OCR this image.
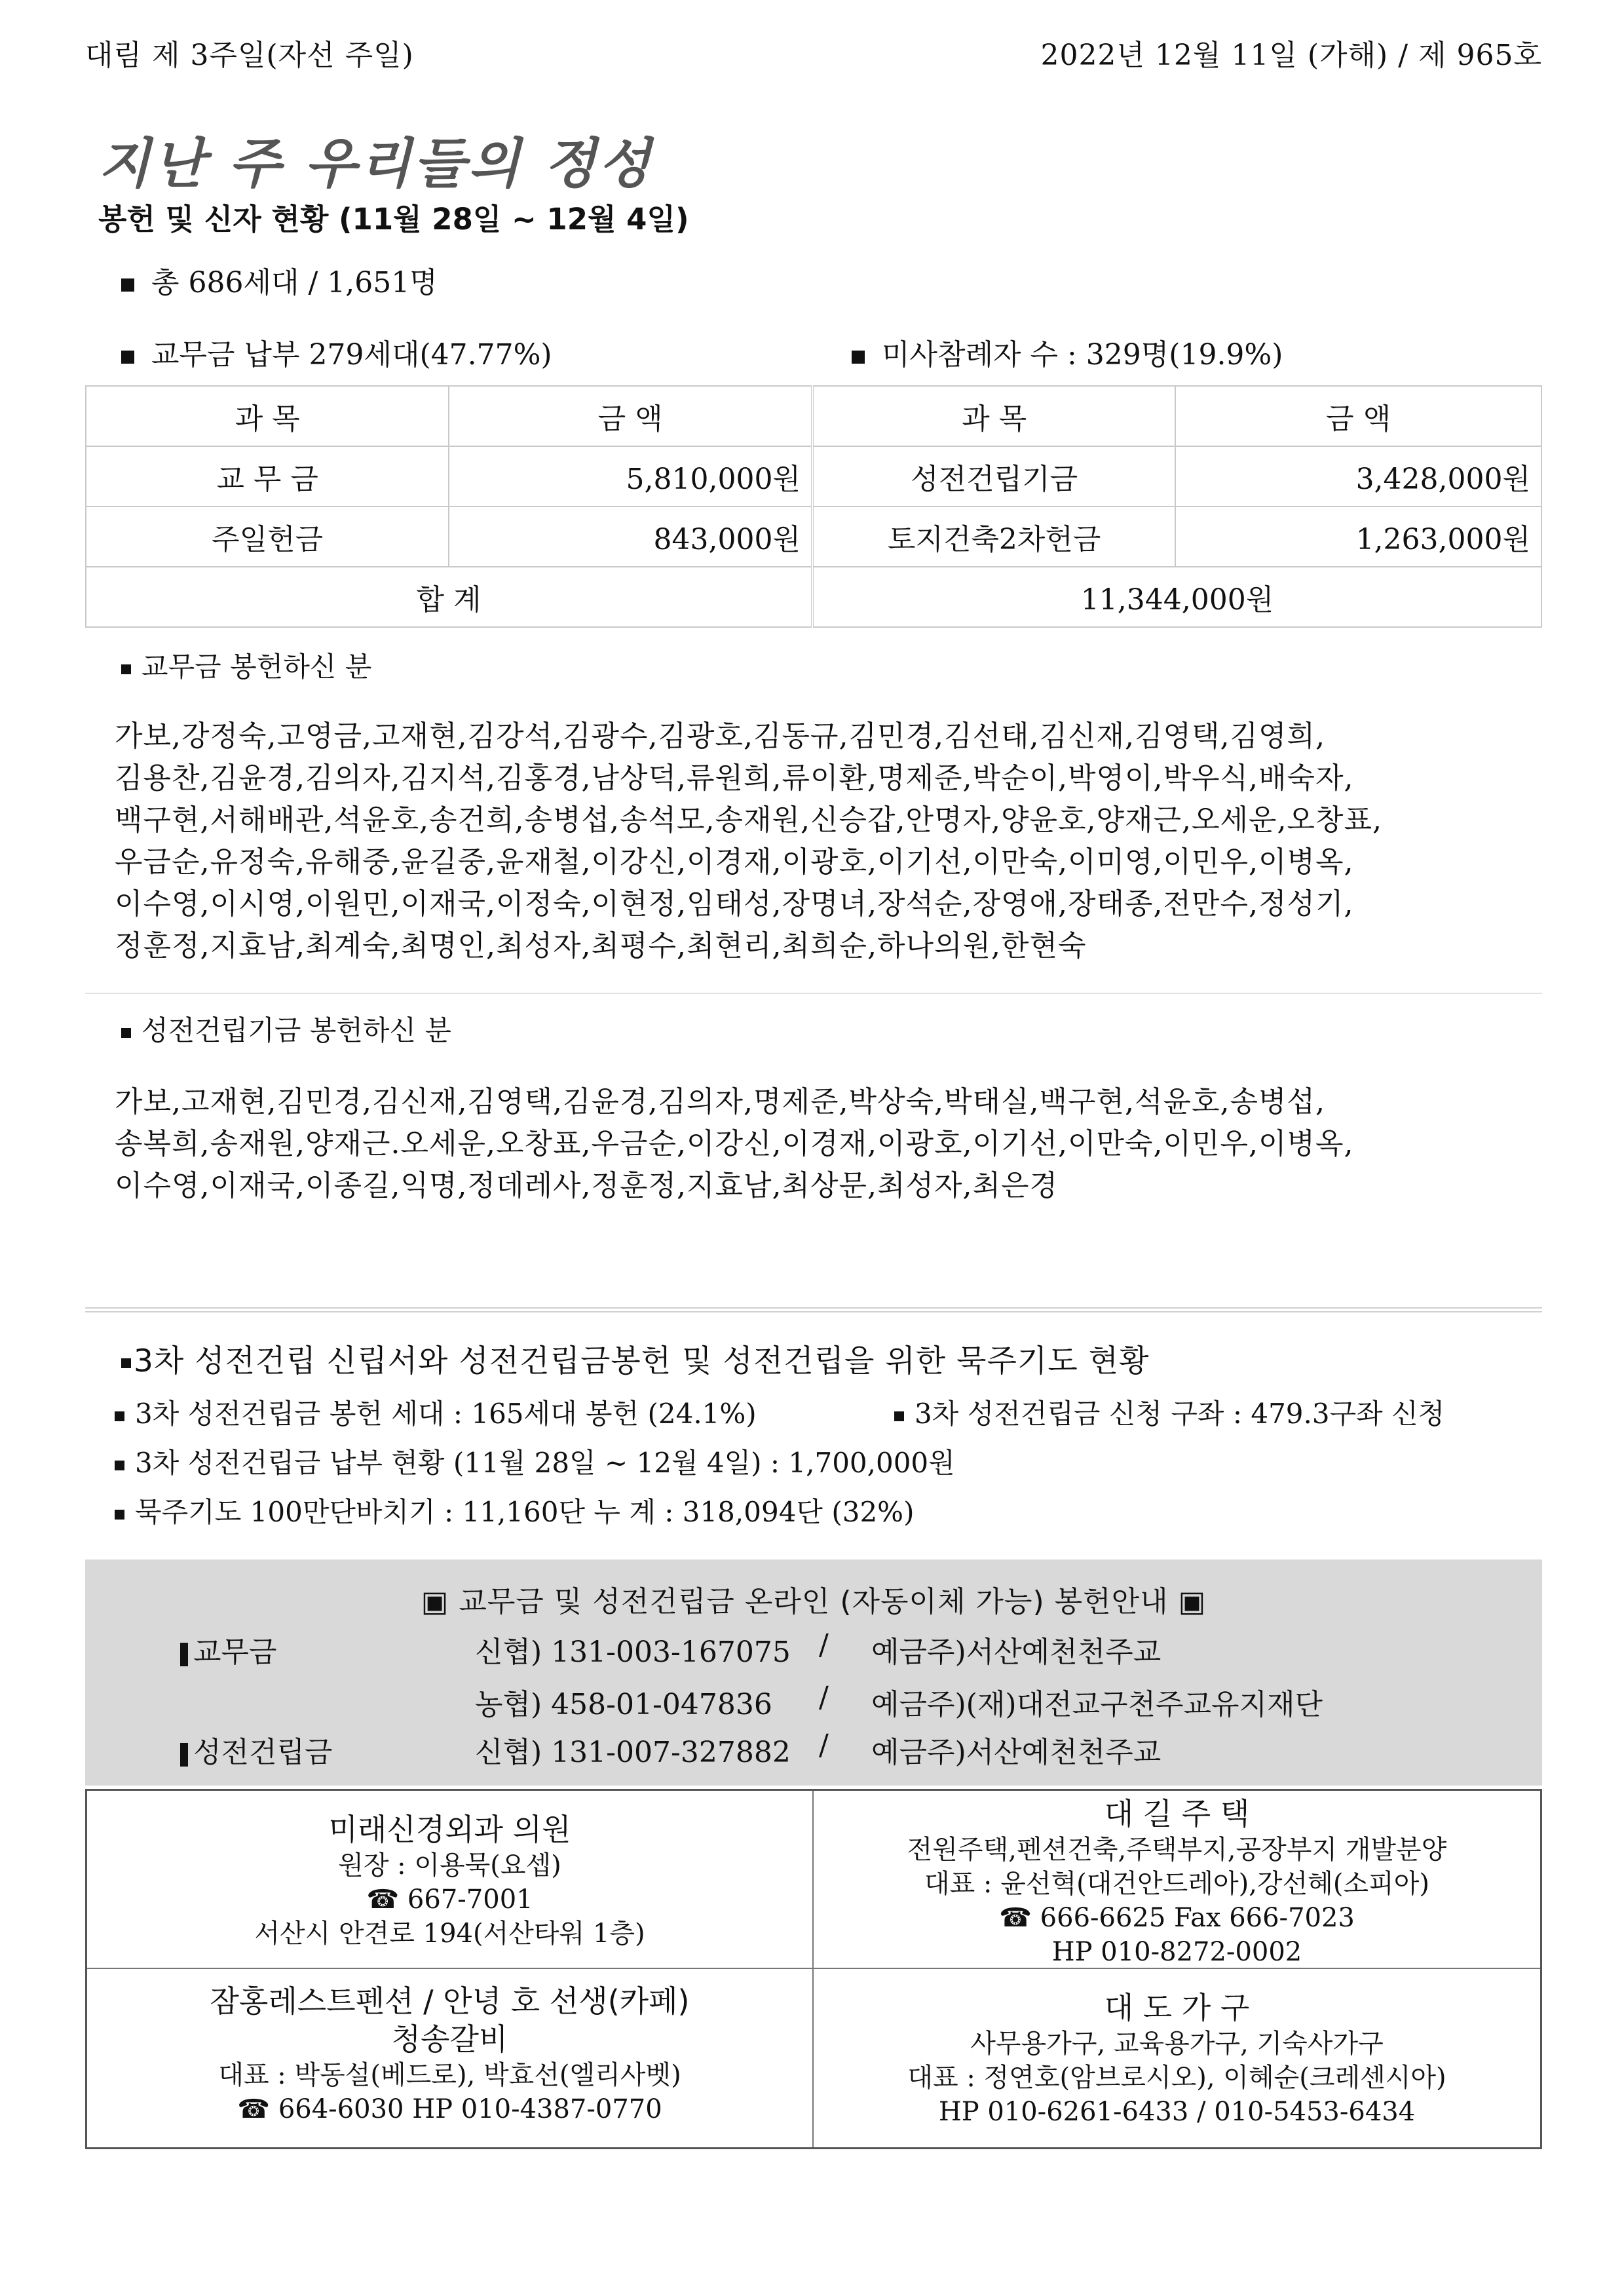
대림 제 3주일(자선 주일)	2022년 12월 11일 (가해) / 제 965호
지난 주 우리들의 정성
봉헌 및 신자 현황 (11월 28일 ~ 12월 4일)
총 686세대 / 1,651명
교무금 납부 279세대(47.77%)	미사참례자 수 : 329명(19.9%)
과 목	금 액	과 목	금 액
교 무 금	5,810,000원	성전건립기금	3,428,000원
주일헌금	843,000원	토지건축2차헌금	1,263,000원
합 계		11,344,000원	
교무금 봉헌하신 분
가보,강정숙,고영금,고재현,김강석,김광수,김광호,김동규,김민경,김선태,김신재,김영택,김영희,
김용찬,김윤경,김의자,김지석,김홍경,남상덕,류원희,류이환,명제준,박순이,박영이,박우식,배숙자,
백구현,서해배관,석윤호,송건희,송병섭,송석모,송재원,신승갑,안명자,양윤호,양재근,오세운,오창표,
우금순,유정숙,유해중,윤길중,윤재철,이강신,이경재,이광호,이기선,이만숙,이미영,이민우,이병옥,
이수영,이시영,이원민,이재국,이정숙,이현정,임태성,장명녀,장석순,장영애,장태종,전만수,정성기,
정훈정,지효남,최계숙,최명인,최성자,최평수,최현리,최희순,하나의원,한현숙
성전건립기금 봉헌하신 분
가보,고재현,김민경,김신재,김영택,김윤경,김의자,명제준,박상숙,박태실,백구현,석윤호,송병섭,
송복희,송재원,양재근.오세운,오창표,우금순,이강신,이경재,이광호,이기선,이만숙,이민우,이병옥,
이수영,이재국,이종길,익명,정데레사,정훈정,지효남,최상문,최성자,최은경
3차 성전건립 신립서와 성전건립금봉헌 및 성전건립을 위한 묵주기도 현황
3차 성전건립금 봉헌 세대 : 165세대 봉헌 (24.1%)	3차 성전건립금 신청 구좌 : 479.3구좌 신청
3차 성전건립금 납부 현황 (11월 28일 ~ 12월 4일) : 1,700,000원
묵주기도 100만단바치기 : 11,160단 누 계 : 318,094단 (32%)
▣ 교무금 및 성전건립금 온라인 (자동이체 가능) 봉헌안내 ▣
교무금	신협) 131-003-167075 / 예금주)서산예천천주교
농협) 458-01-047836 / 예금주)(재)대전교구천주교유지재단
성전건립금	신협) 131-007-327882 / 예금주)서산예천천주교
미래신경외과 의원
원장 : 이용묵(요셉)
☎ 667-7001
서산시 안견로 194(서산타워 1층)
대 길 주 택
전원주택,펜션건축,주택부지,공장부지 개발분양
대표 : 윤선혁(대건안드레아),강선혜(소피아)
☎ 666-6625 Fax 666-7023
HP 010-8272-0002
잠홍레스트펜션 / 안녕 호 선생(카페)
청송갈비
대표 : 박동설(베드로), 박효선(엘리사벳)
☎ 664-6030 HP 010-4387-0770
대 도 가 구
사무용가구, 교육용가구, 기숙사가구
대표 : 정연호(암브로시오), 이혜순(크레센시아)
HP 010-6261-6433 / 010-5453-6434
